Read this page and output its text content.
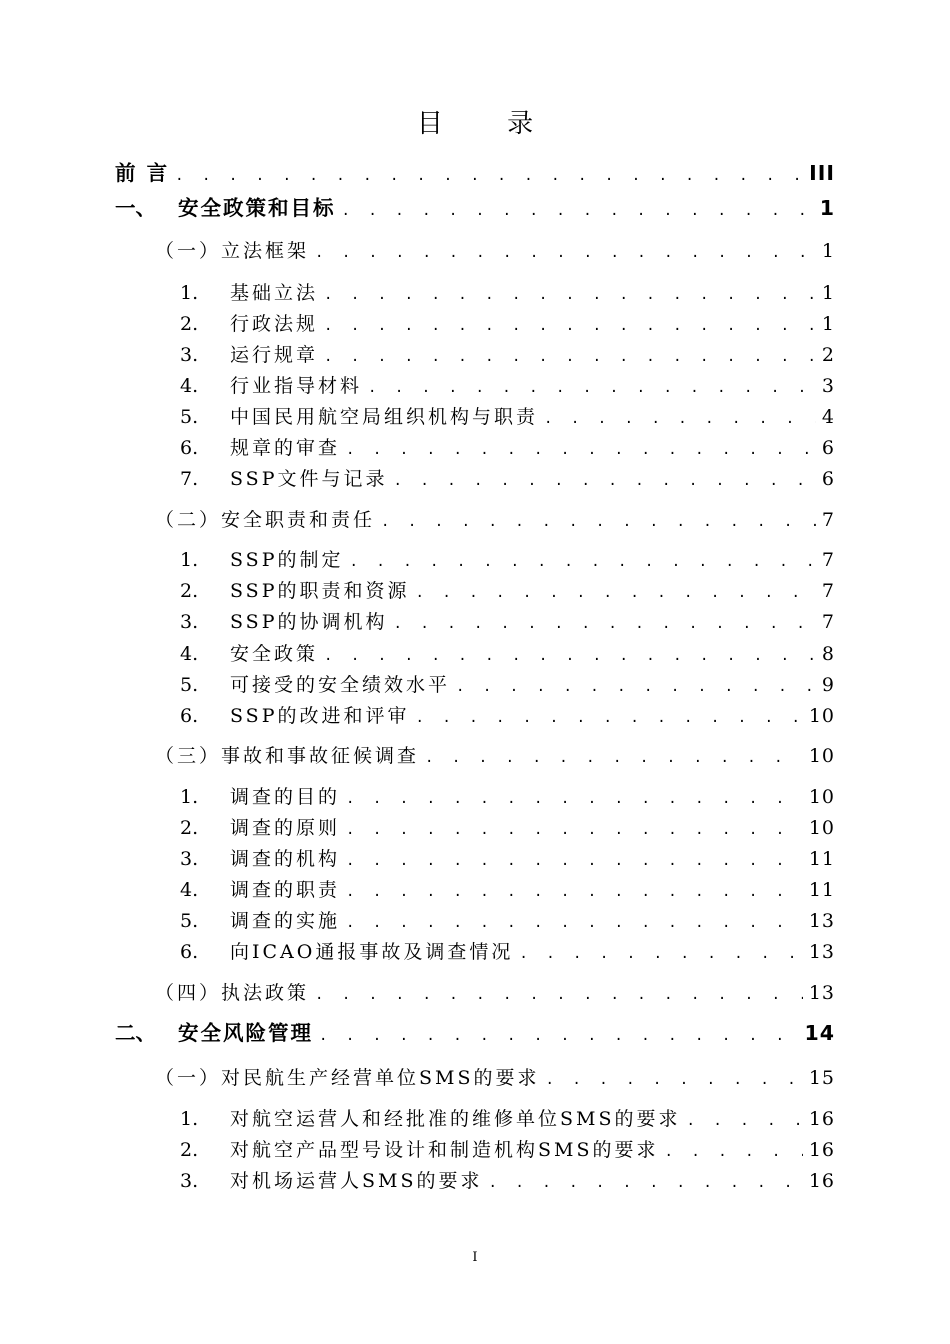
目 录
前 言 . . .	III
一、 安全政策和目标 . . .	1
（一）立法框架 . . .	1
1.	基础立法 . . .	1
2.	行政法规 . . .	1
3.	运行规章 . . .	2
4.	行业指导材料 . . .	3
5.	中国民用航空局组织机构与职责 . . .	4
6.	规章的审查 . . .	6
7.	SSP文件与记录 . . .	6
（二）安全职责和责任 . . .	7
1.	SSP的制定 . . .	7
2.	SSP的职责和资源 . . .	7
3.	SSP的协调机构 . . .	7
4.	安全政策 . . .	8
5.	可接受的安全绩效水平 . . .	9
6.	SSP的改进和评审 . . .	10
（三）事故和事故征候调查 . . .	10
1.	调查的目的 . . .	10
2.	调查的原则 . . .	10
3.	调查的机构 . . .	11
4.	调查的职责 . . .	11
5.	调查的实施 . . .	13
6.	向ICAO通报事故及调查情况 . . .	13
（四）执法政策 . . .	13
二、 安全风险管理 . . .	14
（一）对民航生产经营单位SMS的要求 . . .	15
1.	对航空运营人和经批准的维修单位SMS的要求 . . .	16
2.	对航空产品型号设计和制造机构SMS的要求 . . .	16
3.	对机场运营人SMS的要求 . . .	16
I
